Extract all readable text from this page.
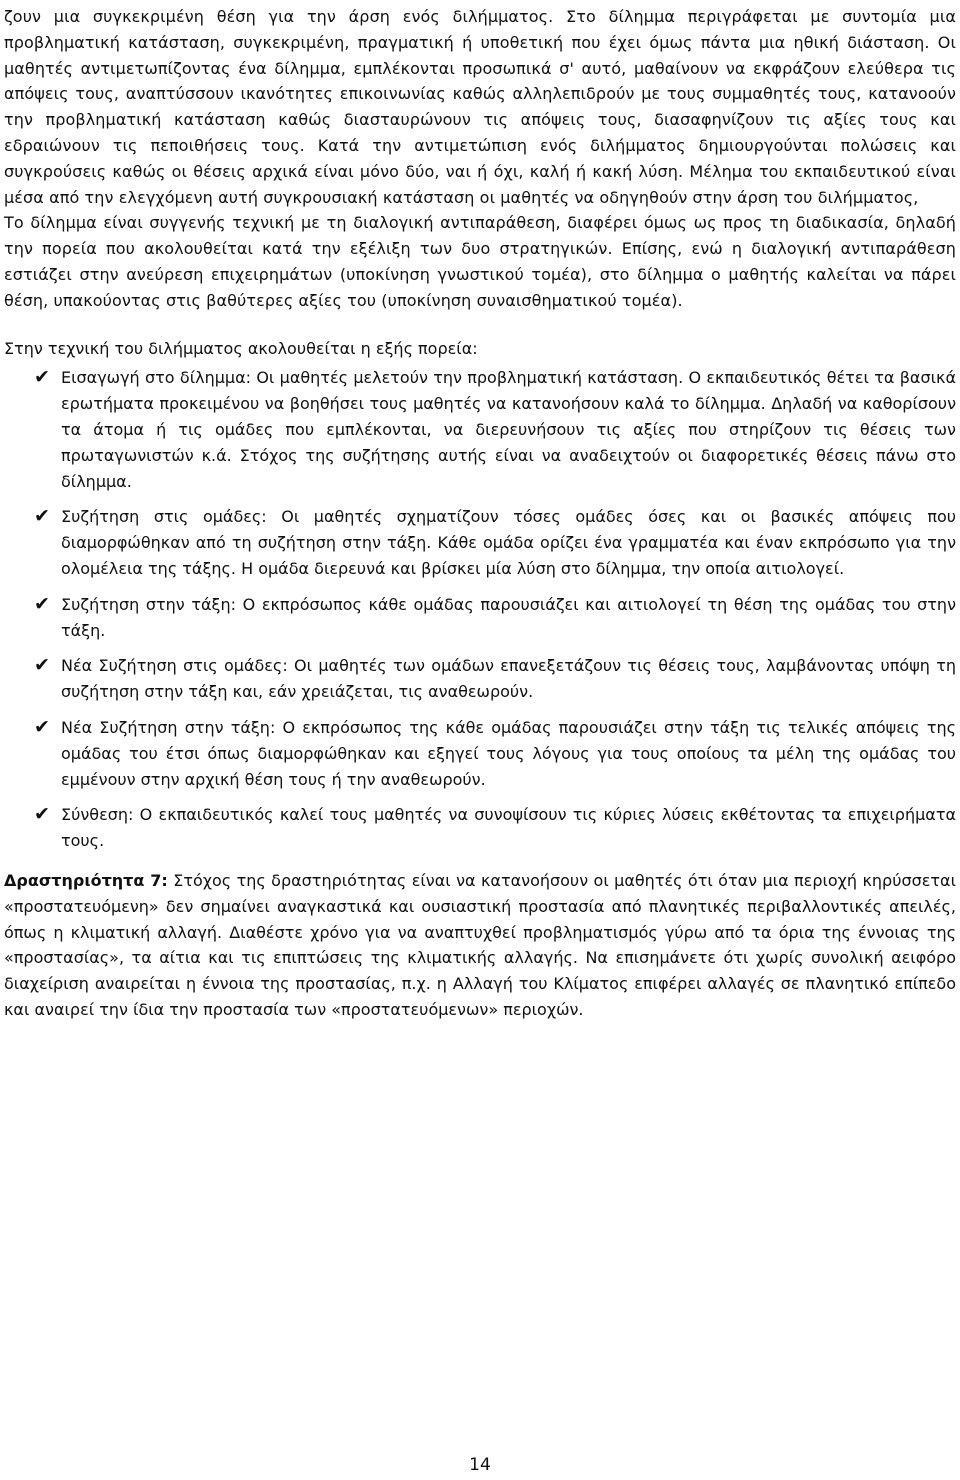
ζουν μια συγκεκριμένη θέση για την άρση ενός διλήμματος. Στο δίλημμα περιγράφεται με συντομία μια προβληματική κατάσταση, συγκεκριμένη, πραγματική ή υποθετική που έχει όμως πάντα μια ηθική διάσταση. Οι μαθητές αντιμετωπίζοντας ένα δίλημμα, εμπλέκονται προσωπικά σ' αυτό, μαθαίνουν να εκφράζουν ελεύθερα τις απόψεις τους, αναπτύσσουν ικανότητες επικοινωνίας καθώς αλληλεπιδρούν με τους συμμαθητές τους, κατανοούν την προβληματική κατάσταση καθώς διασταυρώνουν τις απόψεις τους, διασαφηνίζουν τις αξίες τους και εδραιώνουν τις πεποιθήσεις τους. Κατά την αντιμετώπιση ενός διλήμματος δημιουργούνται πολώσεις και συγκρούσεις καθώς οι θέσεις αρχικά είναι μόνο δύο, ναι ή όχι, καλή ή κακή λύση. Μέλημα του εκπαιδευτικού είναι μέσα από την ελεγχόμενη αυτή συγκρουσιακή κατάσταση οι μαθητές να οδηγηθούν στην άρση του διλήμματος,

Το δίλημμα είναι συγγενής τεχνική με τη διαλογική αντιπαράθεση, διαφέρει όμως ως προς τη διαδικασία, δηλαδή την πορεία που ακολουθείται κατά την εξέλιξη των δυο στρατηγικών. Επίσης, ενώ η διαλογική αντιπαράθεση εστιάζει στην ανεύρεση επιχειρημάτων (υποκίνηση γνωστικού τομέα), στο δίλημμα ο μαθητής καλείται να πάρει θέση, υπακούοντας στις βαθύτερες αξίες του (υποκίνηση συναισθηματικού τομέα).

Στην τεχνική του διλήμματος ακολουθείται η εξής πορεία:

✔ Εισαγωγή στο δίλημμα: Οι μαθητές μελετούν την προβληματική κατάσταση. Ο εκπαιδευτικός θέτει τα βασικά ερωτήματα προκειμένου να βοηθήσει τους μαθητές να κατανοήσουν καλά το δίλημμα. Δηλαδή να καθορίσουν τα άτομα ή τις ομάδες που εμπλέκονται, να διερευνήσουν τις αξίες που στηρίζουν τις θέσεις των πρωταγωνιστών κ.ά. Στόχος της συζήτησης αυτής είναι να αναδειχτούν οι διαφορετικές θέσεις πάνω στο δίλημμα.
✔ Συζήτηση στις ομάδες: Οι μαθητές σχηματίζουν τόσες ομάδες όσες και οι βασικές απόψεις που διαμορφώθηκαν από τη συζήτηση στην τάξη. Κάθε ομάδα ορίζει ένα γραμματέα και έναν εκπρόσωπο για την ολομέλεια της τάξης. Η ομάδα διερευνά και βρίσκει μία λύση στο δίλημμα, την οποία αιτιολογεί.
✔ Συζήτηση στην τάξη: Ο εκπρόσωπος κάθε ομάδας παρουσιάζει και αιτιολογεί τη θέση της ομάδας του στην τάξη.
✔ Νέα Συζήτηση στις ομάδες: Οι μαθητές των ομάδων επανεξετάζουν τις θέσεις τους, λαμβάνοντας υπόψη τη συζήτηση στην τάξη και, εάν χρειάζεται, τις αναθεωρούν.
✔ Νέα Συζήτηση στην τάξη: Ο εκπρόσωπος της κάθε ομάδας παρουσιάζει στην τάξη τις τελικές απόψεις της ομάδας του έτσι όπως διαμορφώθηκαν και εξηγεί τους λόγους για τους οποίους τα μέλη της ομάδας του εμμένουν στην αρχική θέση τους ή την αναθεωρούν.
✔ Σύνθεση: Ο εκπαιδευτικός καλεί τους μαθητές να συνοψίσουν τις κύριες λύσεις εκθέτοντας τα επιχειρήματα τους.

Δραστηριότητα 7: Στόχος της δραστηριότητας είναι να κατανοήσουν οι μαθητές ότι όταν μια περιοχή κηρύσσεται «προστατευόμενη» δεν σημαίνει αναγκαστικά και ουσιαστική προστασία από πλανητικές περιβαλλοντικές απειλές, όπως η κλιματική αλλαγή. Διαθέστε χρόνο για να αναπτυχθεί προβληματισμός γύρω από τα όρια της έννοιας της «προστασίας», τα αίτια και τις επιπτώσεις της κλιματικής αλλαγής. Να επισημάνετε ότι χωρίς συνολική αειφόρο διαχείριση αναιρείται η έννοια της προστασίας, π.χ. η Αλλαγή του Κλίματος επιφέρει αλλαγές σε πλανητικό επίπεδο και αναιρεί την ίδια την προστασία των «προστατευόμενων» περιοχών.

14
